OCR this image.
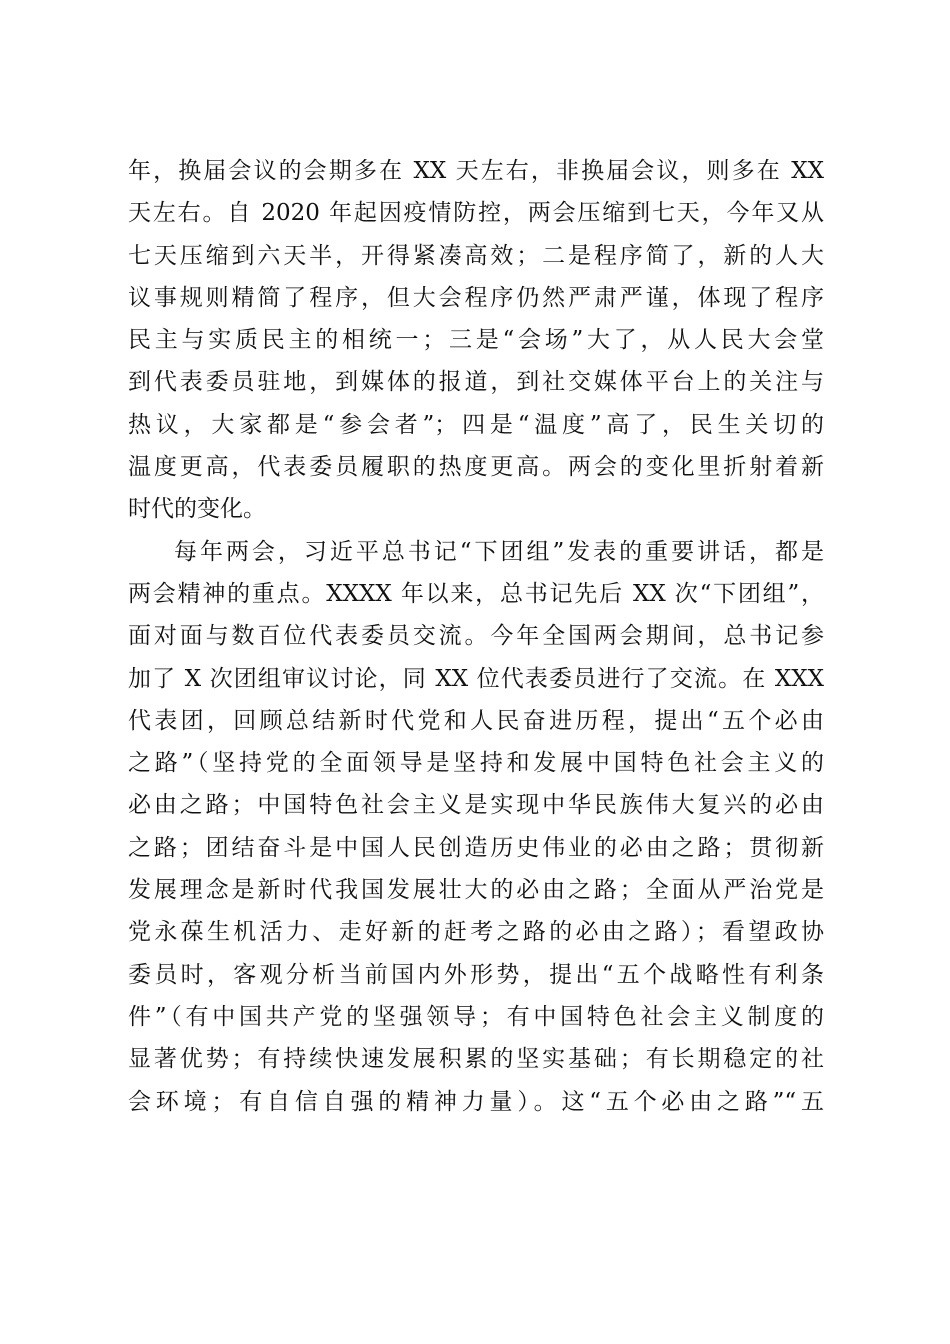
年，换届会议的会期多在 XX 天左右，非换届会议，则多在 XX
天左右。自 2020 年起因疫情防控，两会压缩到七天，今年又从
七天压缩到六天半，开得紧凑高效；二是程序简了，新的人大
议事规则精简了程序，但大会程序仍然严肃严谨，体现了程序
民主与实质民主的相统一；三是“会场”大了，从人民大会堂
到代表委员驻地，到媒体的报道，到社交媒体平台上的关注与
热议，大家都是“参会者”；四是“温度”高了，民生关切的
温度更高，代表委员履职的热度更高。两会的变化里折射着新
时代的变化。
每年两会，习近平总书记“下团组”发表的重要讲话，都是
两会精神的重点。XXXX 年以来，总书记先后 XX 次“下团组”，
面对面与数百位代表委员交流。今年全国两会期间，总书记参
加了 X 次团组审议讨论，同 XX 位代表委员进行了交流。在 XXX
代表团，回顾总结新时代党和人民奋进历程，提出“五个必由
之路”（坚持党的全面领导是坚持和发展中国特色社会主义的
必由之路；中国特色社会主义是实现中华民族伟大复兴的必由
之路；团结奋斗是中国人民创造历史伟业的必由之路；贯彻新
发展理念是新时代我国发展壮大的必由之路；全面从严治党是
党永葆生机活力、走好新的赶考之路的必由之路）；看望政协
委员时，客观分析当前国内外形势，提出“五个战略性有利条
件”（有中国共产党的坚强领导；有中国特色社会主义制度的
显著优势；有持续快速发展积累的坚实基础；有长期稳定的社
会环境；有自信自强的精神力量）。这“五个必由之路”“五
